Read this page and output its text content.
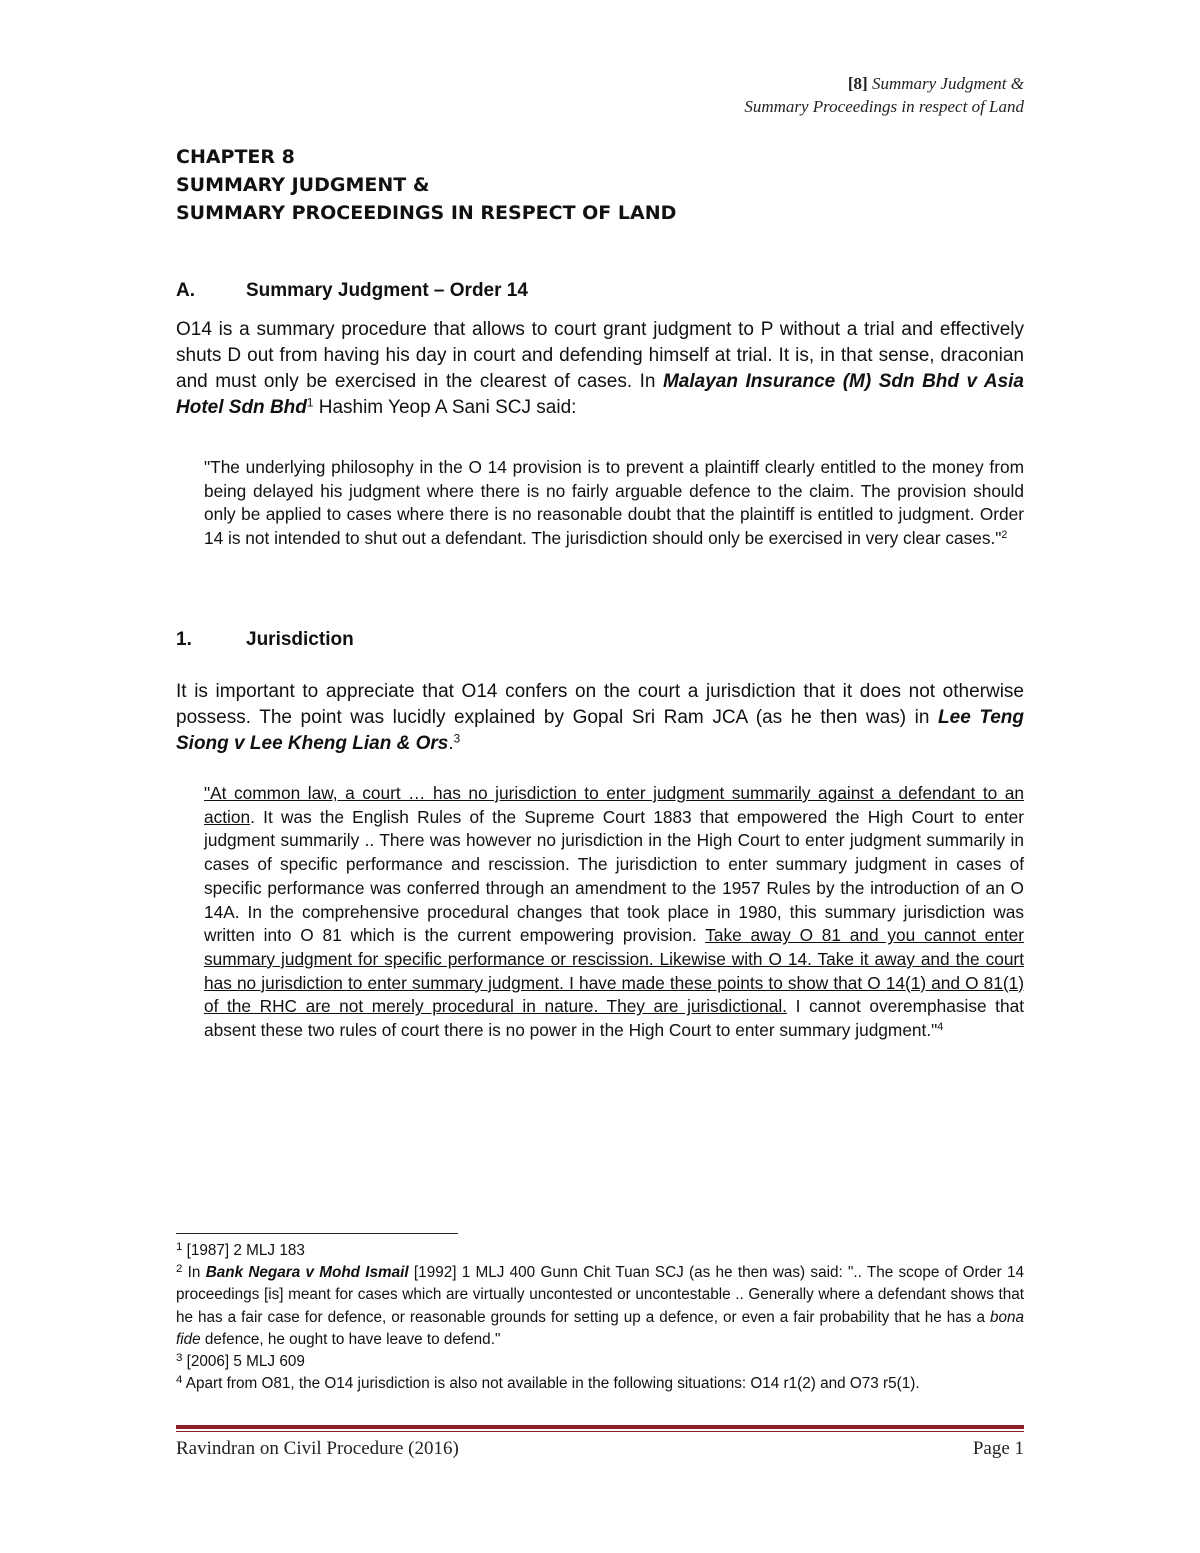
[8] Summary Judgment &
Summary Proceedings in respect of Land
CHAPTER 8
SUMMARY JUDGMENT &
SUMMARY PROCEEDINGS IN RESPECT OF LAND
A.	Summary Judgment – Order 14

O14 is a summary procedure that allows to court grant judgment to P without a trial and effectively shuts D out from having his day in court and defending himself at trial. It is, in that sense, draconian and must only be exercised in the clearest of cases. In Malayan Insurance (M) Sdn Bhd v Asia Hotel Sdn Bhd$^1$ Hashim Yeop A Sani SCJ said:

"The underlying philosophy in the O 14 provision is to prevent a plaintiff clearly entitled to the money from being delayed his judgment where there is no fairly arguable defence to the claim. The provision should only be applied to cases where there is no reasonable doubt that the plaintiff is entitled to judgment. Order 14 is not intended to shut out a defendant. The jurisdiction should only be exercised in very clear cases."$^2$

1.	Jurisdiction

It is important to appreciate that O14 confers on the court a jurisdiction that it does not otherwise possess. The point was lucidly explained by Gopal Sri Ram JCA (as he then was) in Lee Teng Siong v Lee Kheng Lian & Ors.$^3$

"At common law, a court … has no jurisdiction to enter judgment summarily against a defendant to an action. It was the English Rules of the Supreme Court 1883 that empowered the High Court to enter judgment summarily .. There was however no jurisdiction in the High Court to enter judgment summarily in cases of specific performance and rescission. The jurisdiction to enter summary judgment in cases of specific performance was conferred through an amendment to the 1957 Rules by the introduction of an O 14A. In the comprehensive procedural changes that took place in 1980, this summary jurisdiction was written into O 81 which is the current empowering provision. Take away O 81 and you cannot enter summary judgment for specific performance or rescission. Likewise with O 14. Take it away and the court has no jurisdiction to enter summary judgment. I have made these points to show that O 14(1) and O 81(1) of the RHC are not merely procedural in nature. They are jurisdictional. I cannot overemphasise that absent these two rules of court there is no power in the High Court to enter summary judgment."$^4$

$^1$ [1987] 2 MLJ 183

$^2$ In Bank Negara v Mohd Ismail [1992] 1 MLJ 400 Gunn Chit Tuan SCJ (as he then was) said: ".. The scope of Order 14 proceedings [is] meant for cases which are virtually uncontested or uncontestable .. Generally where a defendant shows that he has a fair case for defence, or reasonable grounds for setting up a defence, or even a fair probability that he has a bona fide defence, he ought to have leave to defend."

$^3$ [2006] 5 MLJ 609

$^4$ Apart from O81, the O14 jurisdiction is also not available in the following situations: O14 r1(2) and O73 r5(1).

Ravindran on Civil Procedure (2016)	Page 1
